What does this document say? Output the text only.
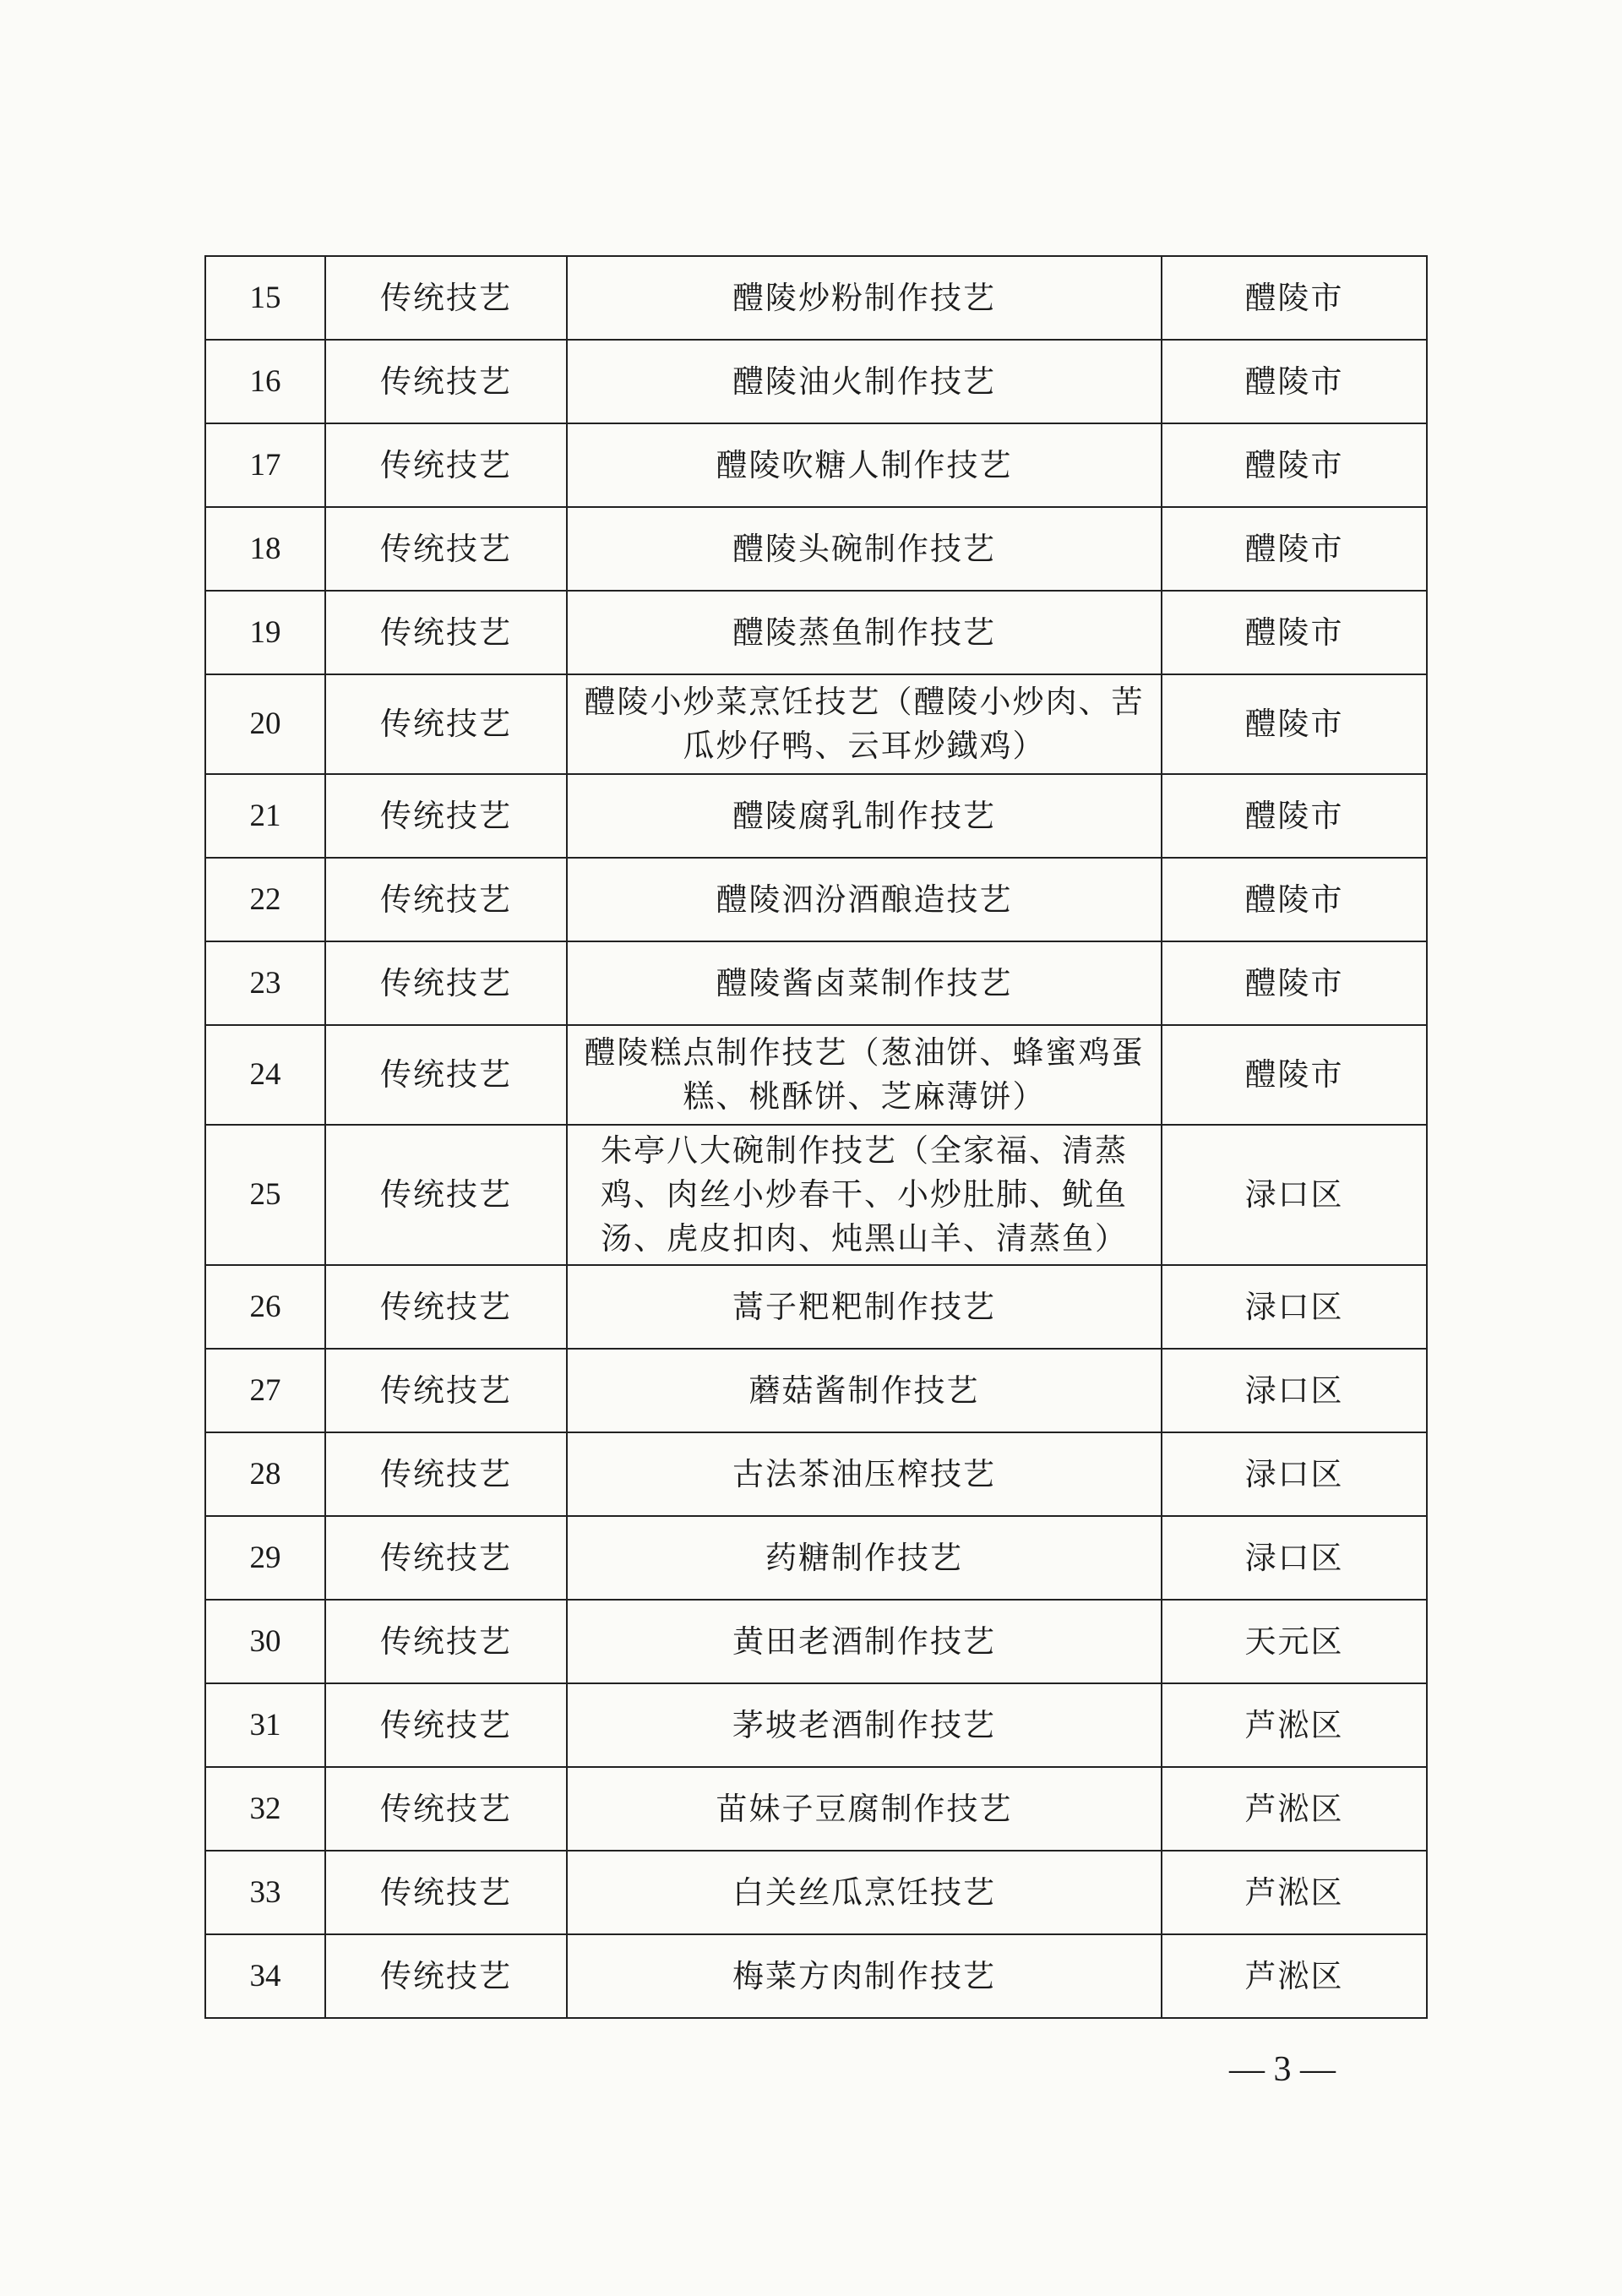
15	传统技艺	醴陵炒粉制作技艺	醴陵市
16	传统技艺	醴陵油火制作技艺	醴陵市
17	传统技艺	醴陵吹糖人制作技艺	醴陵市
18	传统技艺	醴陵头碗制作技艺	醴陵市
19	传统技艺	醴陵蒸鱼制作技艺	醴陵市
20	传统技艺	醴陵小炒菜烹饪技艺（醴陵小炒肉、苦瓜炒仔鸭、云耳炒鐡鸡）	醴陵市
21	传统技艺	醴陵腐乳制作技艺	醴陵市
22	传统技艺	醴陵泗汾酒酿造技艺	醴陵市
23	传统技艺	醴陵酱卤菜制作技艺	醴陵市
24	传统技艺	醴陵糕点制作技艺（葱油饼、蜂蜜鸡蛋糕、桃酥饼、芝麻薄饼）	醴陵市
25	传统技艺	朱亭八大碗制作技艺（全家福、清蒸鸡、肉丝小炒春干、小炒肚肺、鱿鱼汤、虎皮扣肉、炖黑山羊、清蒸鱼）	渌口区
26	传统技艺	蒿子粑粑制作技艺	渌口区
27	传统技艺	蘑菇酱制作技艺	渌口区
28	传统技艺	古法茶油压榨技艺	渌口区
29	传统技艺	药糖制作技艺	渌口区
30	传统技艺	黄田老酒制作技艺	天元区
31	传统技艺	茅坡老酒制作技艺	芦淞区
32	传统技艺	苗妹子豆腐制作技艺	芦淞区
33	传统技艺	白关丝瓜烹饪技艺	芦淞区
34	传统技艺	梅菜方肉制作技艺	芦淞区
— 3 —
